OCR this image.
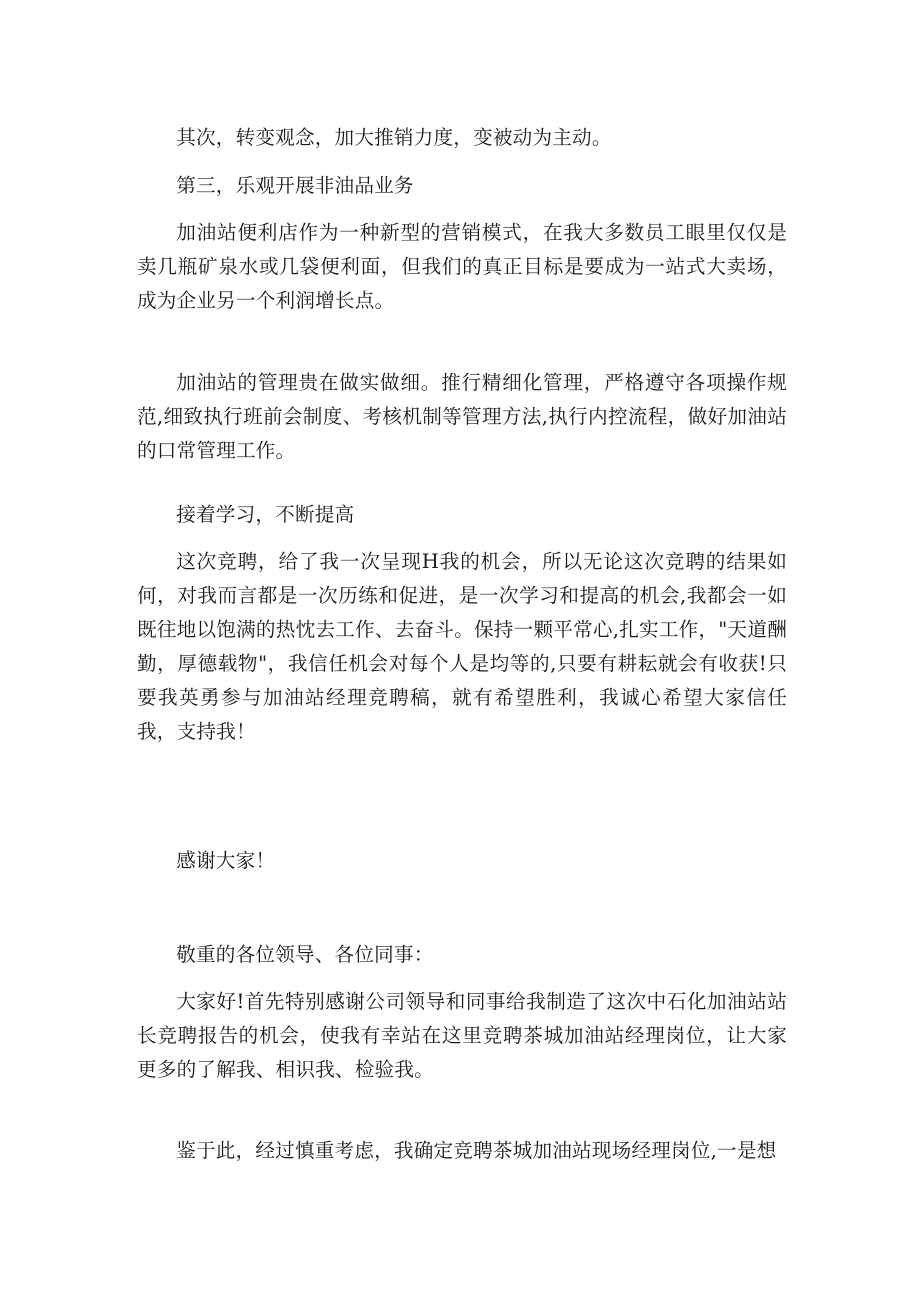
其次，转变观念，加大推销力度，变被动为主动。

第三，乐观开展非油品业务

加油站便利店作为一种新型的营销模式，在我大多数员工眼里仅仅是卖几瓶矿泉水或几袋便利面，但我们的真正目标是要成为一站式大卖场，成为企业另一个利润增长点。

加油站的管理贵在做实做细。推行精细化管理，严格遵守各项操作规范,细致执行班前会制度、考核机制等管理方法,执行内控流程，做好加油站的口常管理工作。

接着学习，不断提高

这次竞聘，给了我一次呈现H我的机会，所以无论这次竞聘的结果如何，对我而言都是一次历练和促进，是一次学习和提高的机会,我都会一如既往地以饱满的热忱去工作、去奋斗。保持一颗平常心,扎实工作，"天道酬勤，厚德载物"，我信任机会对每个人是均等的,只要有耕耘就会有收获!只要我英勇参与加油站经理竞聘稿，就有希望胜利，我诚心希望大家信任我，支持我！

感谢大家！

敬重的各位领导、各位同事：

大家好!首先特别感谢公司领导和同事给我制造了这次中石化加油站站长竞聘报告的机会，使我有幸站在这里竞聘茶城加油站经理岗位，让大家更多的了解我、相识我、检验我。

鉴于此，经过慎重考虑，我确定竞聘茶城加油站现场经理岗位,一是想
